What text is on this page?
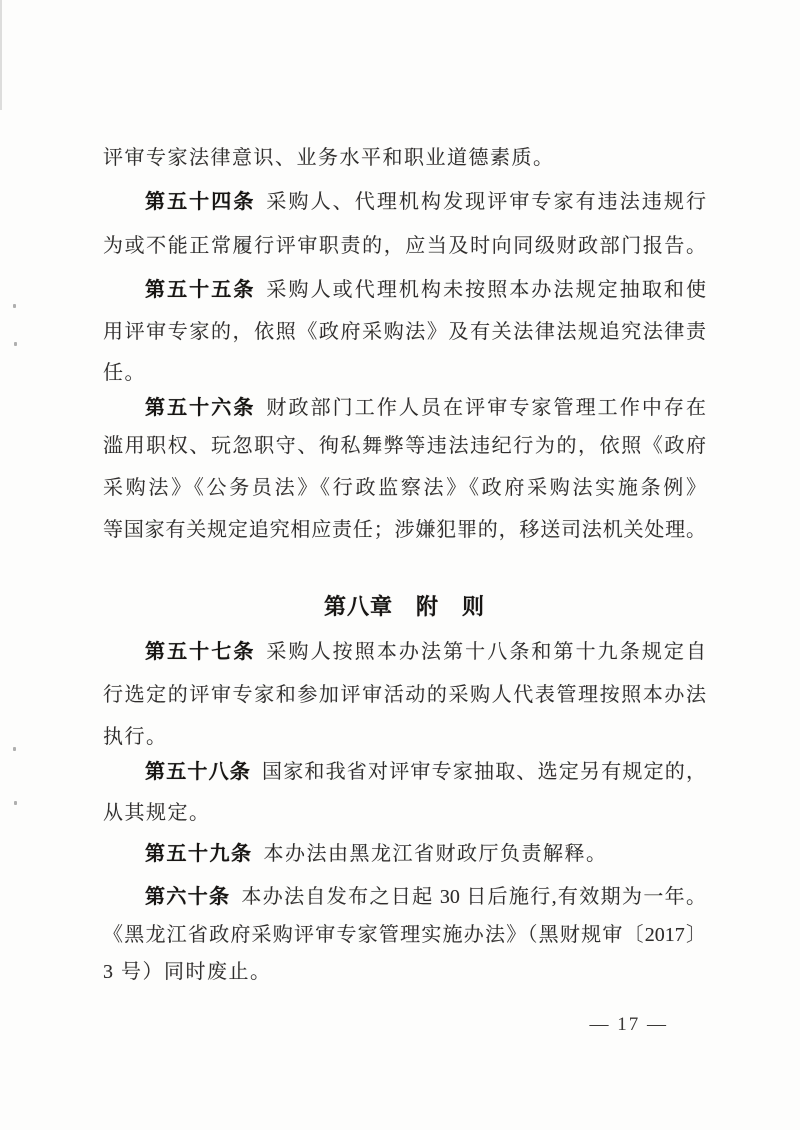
评审专家法律意识、业务水平和职业道德素质。
第五十四条 采购人、代理机构发现评审专家有违法违规行
为或不能正常履行评审职责的，应当及时向同级财政部门报告。
第五十五条 采购人或代理机构未按照本办法规定抽取和使
用评审专家的，依照《政府采购法》及有关法律法规追究法律责
任。
第五十六条 财政部门工作人员在评审专家管理工作中存在
滥用职权、玩忽职守、徇私舞弊等违法违纪行为的，依照《政府
采购法》《公务员法》《行政监察法》《政府采购法实施条例》
等国家有关规定追究相应责任；涉嫌犯罪的，移送司法机关处理。
第八章　附　则
第五十七条 采购人按照本办法第十八条和第十九条规定自
行选定的评审专家和参加评审活动的采购人代表管理按照本办法
执行。
第五十八条 国家和我省对评审专家抽取、选定另有规定的，
从其规定。
第五十九条 本办法由黑龙江省财政厅负责解释。
第六十条 本办法自发布之日起 30 日后施行,有效期为一年。
《黑龙江省政府采购评审专家管理实施办法》（黑财规审〔2017〕
3 号）同时废止。
— 17 —
